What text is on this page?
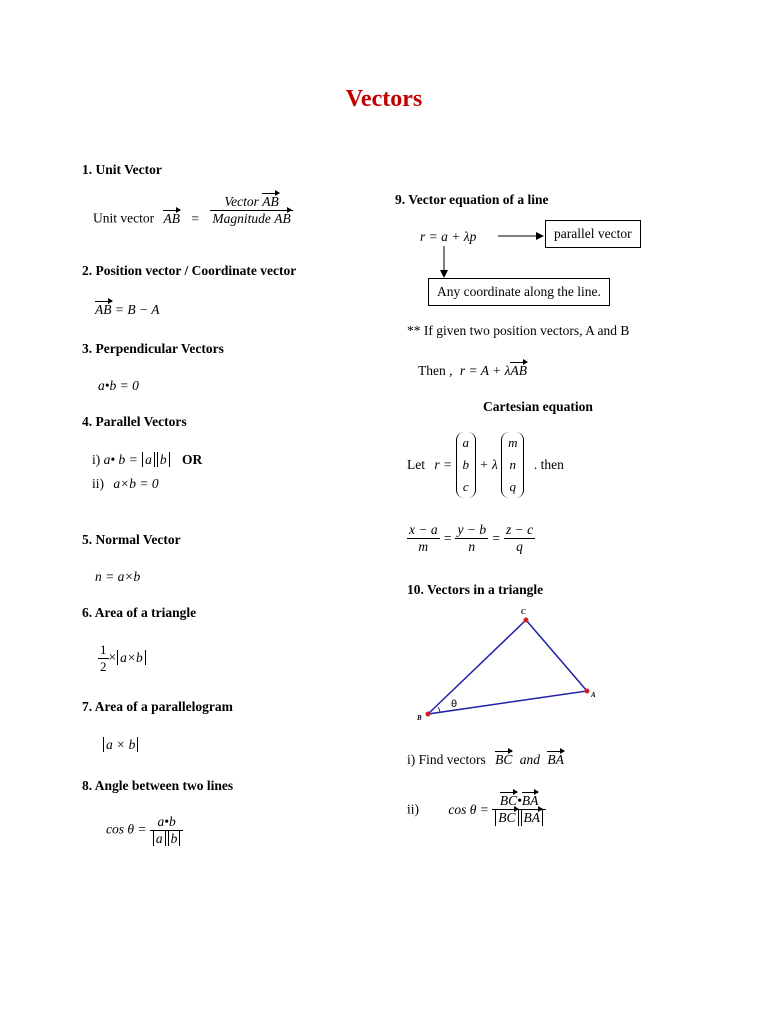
Vectors
1. Unit Vector
Unit vector AB = $\frac{\text{Vector AB}}{\text{Magnitude AB}}$
2. Position vector / Coordinate vector
AB = B − A
3. Perpendicular Vectors
a•b = 0
4. Parallel Vectors
i) a• b = a b OR
ii) a×b = 0
5. Normal Vector
n = a×b
6. Area of a triangle
$\frac{1}{2} \times a\times b$
7. Area of a parallelogram
a × b
8. Angle between two lines
$\cos \theta = \frac{a•b}{\text{a b}}$
9. Vector equation of a line
r = a + λp	parallel vector
Any coordinate along the line.
** If given two position vectors, A and B
Then , r = A + λAB
Cartesian equation
Let r =
a
b
c
+ λ
m
n
q
. then
$\frac{x - a}{m} = \frac{y - b}{n} = \frac{z - c}{q}$
10. Vectors in a triangle
C
A
B
θ
i) Find vectors BC and BA
ii) $\cos \theta = \frac{BC•BA}{\text{BC BA}}$
